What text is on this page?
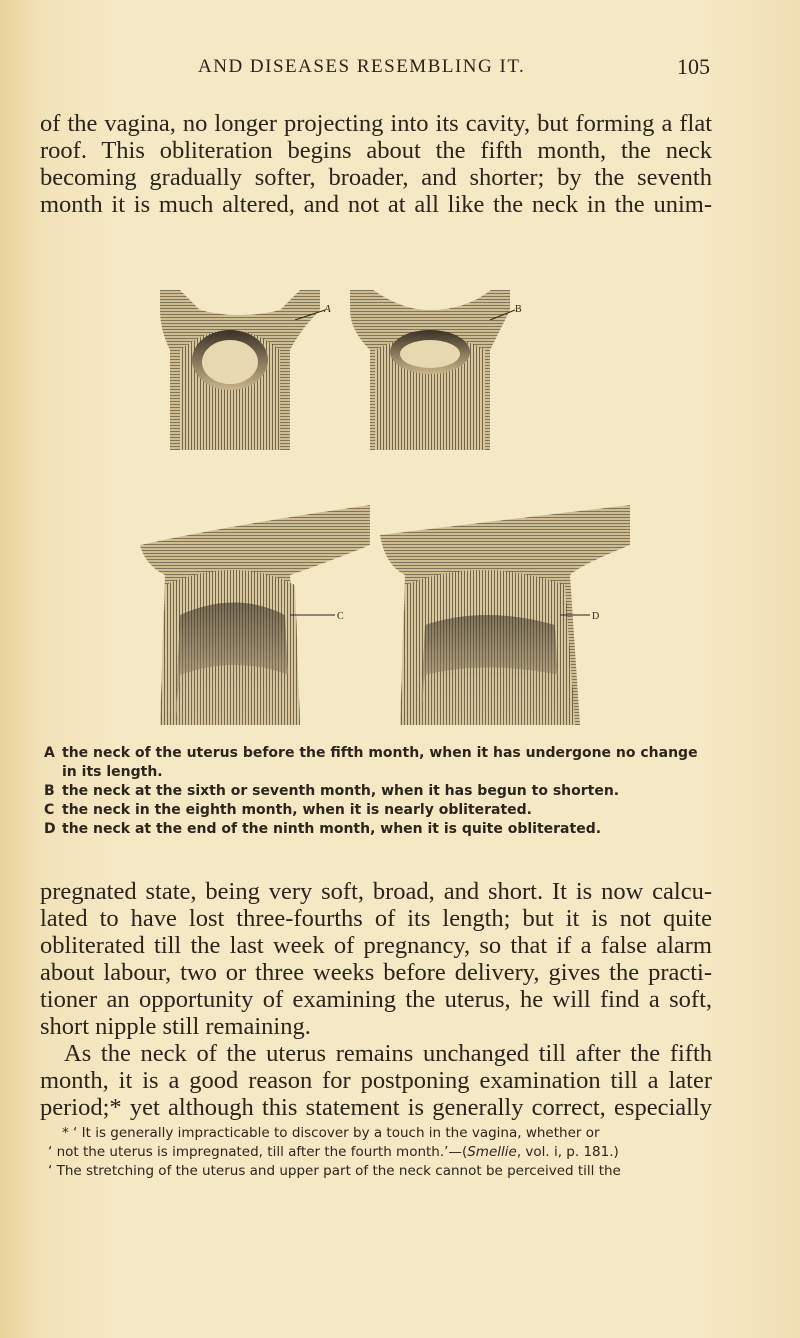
AND DISEASES RESEMBLING IT.	105
of the vagina, no longer projecting into its cavity, but forming a flat
roof. This obliteration begins about the fifth month, the neck
becoming gradually softer, broader, and shorter; by the seventh
month it is much altered, and not at all like the neck in the unim-
A	B
C	D
A the neck of the uterus before the fifth month, when it has undergone no change
in its length.
B the neck at the sixth or seventh month, when it has begun to shorten.
C the neck in the eighth month, when it is nearly obliterated.
D the neck at the end of the ninth month, when it is quite obliterated.
pregnated state, being very soft, broad, and short. It is now calcu-
lated to have lost three-fourths of its length; but it is not quite
obliterated till the last week of pregnancy, so that if a false alarm
about labour, two or three weeks before delivery, gives the practi-
tioner an opportunity of examining the uterus, he will find a soft,
short nipple still remaining.
As the neck of the uterus remains unchanged till after the fifth
month, it is a good reason for postponing examination till a later
period;* yet although this statement is generally correct, especially
* ‘ It is generally impracticable to discover by a touch in the vagina, whether or
‘ not the uterus is impregnated, till after the fourth month.’—(Smellie, vol. i, p. 181.)
‘ The stretching of the uterus and upper part of the neck cannot be perceived till the
